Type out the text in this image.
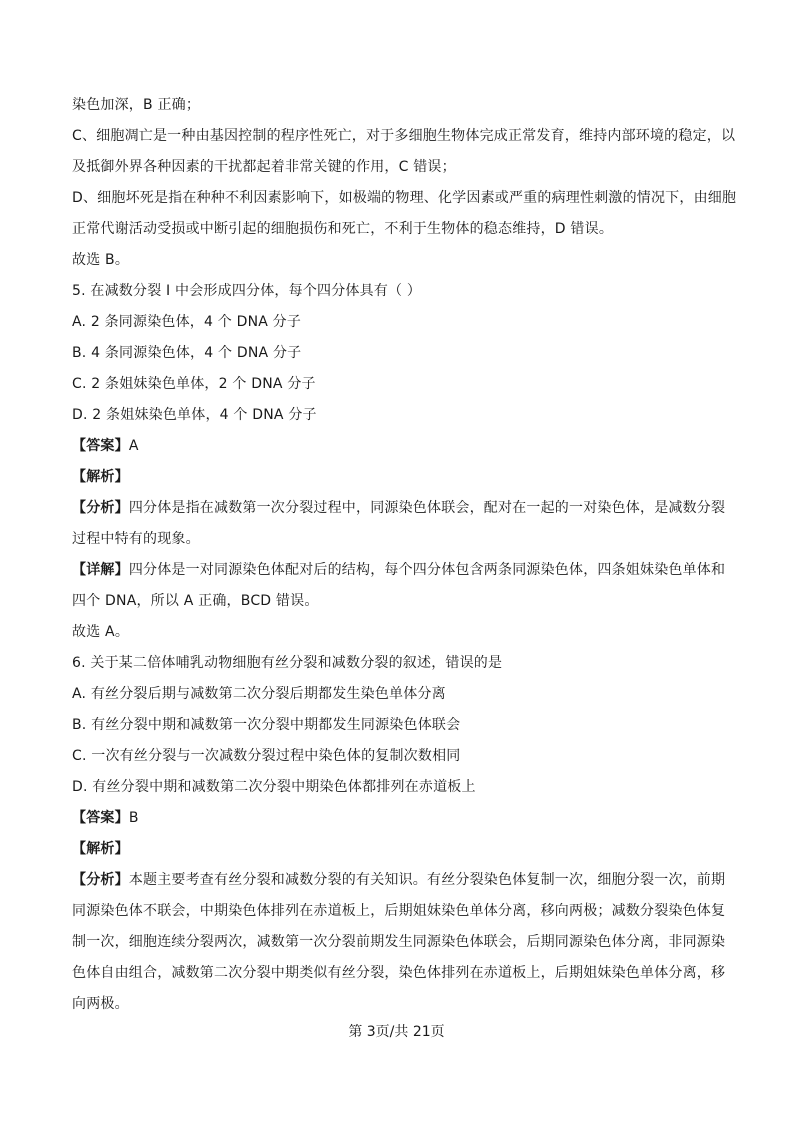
染色加深，B 正确；
C、细胞凋亡是一种由基因控制的程序性死亡，对于多细胞生物体完成正常发育，维持内部环境的稳定，以
及抵御外界各种因素的干扰都起着非常关键的作用，C 错误；
D、细胞坏死是指在种种不利因素影响下，如极端的物理、化学因素或严重的病理性刺激的情况下，由细胞
正常代谢活动受损或中断引起的细胞损伤和死亡，不利于生物体的稳态维持，D 错误。
故选 B。
5. 在减数分裂 I 中会形成四分体，每个四分体具有（ ）
A. 2 条同源染色体，4 个 DNA 分子
B. 4 条同源染色体，4 个 DNA 分子
C. 2 条姐妹染色单体，2 个 DNA 分子
D. 2 条姐妹染色单体，4 个 DNA 分子
【答案】A
【解析】
【分析】四分体是指在减数第一次分裂过程中，同源染色体联会，配对在一起的一对染色体，是减数分裂
过程中特有的现象。
【详解】四分体是一对同源染色体配对后的结构，每个四分体包含两条同源染色体，四条姐妹染色单体和
四个 DNA，所以 A 正确，BCD 错误。
故选 A。
6. 关于某二倍体哺乳动物细胞有丝分裂和减数分裂的叙述，错误的是
A. 有丝分裂后期与减数第二次分裂后期都发生染色单体分离
B. 有丝分裂中期和减数第一次分裂中期都发生同源染色体联会
C. 一次有丝分裂与一次减数分裂过程中染色体的复制次数相同
D. 有丝分裂中期和减数第二次分裂中期染色体都排列在赤道板上
【答案】B
【解析】
【分析】本题主要考查有丝分裂和减数分裂的有关知识。有丝分裂染色体复制一次，细胞分裂一次，前期
同源染色体不联会，中期染色体排列在赤道板上，后期姐妹染色单体分离，移向两极；减数分裂染色体复
制一次，细胞连续分裂两次，减数第一次分裂前期发生同源染色体联会，后期同源染色体分离，非同源染
色体自由组合，减数第二次分裂中期类似有丝分裂，染色体排列在赤道板上，后期姐妹染色单体分离，移
向两极。
第 3页/共 21页
